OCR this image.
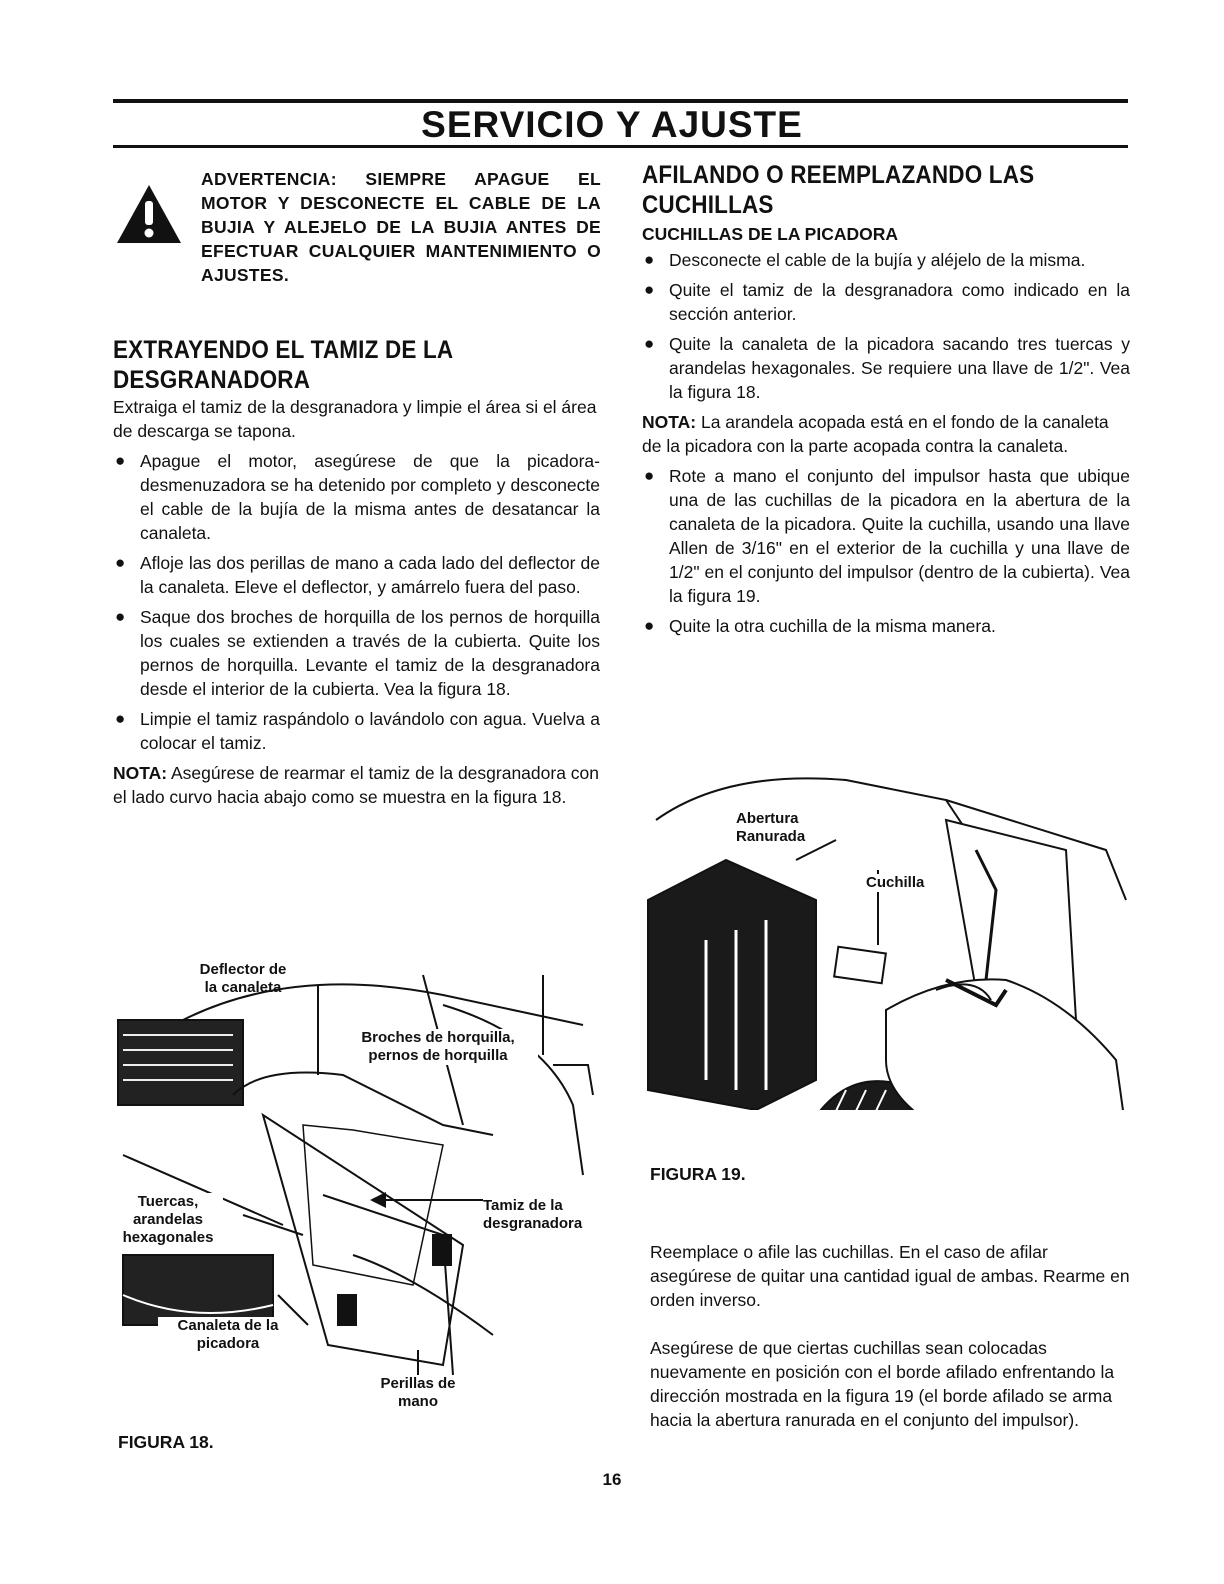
SERVICIO Y AJUSTE
ADVERTENCIA: SIEMPRE APAGUE EL MOTOR Y DESCONECTE EL CABLE DE LA BUJIA Y ALEJELO DE LA BUJIA ANTES DE EFECTUAR CUALQUIER MANTENIMIENTO O AJUSTES.
EXTRAYENDO EL TAMIZ DE LA
DESGRANADORA

Extraiga el tamiz de la desgranadora y limpie el área si el área de descarga se tapona.

● Apague el motor, asegúrese de que la picadora-desmenuzadora se ha detenido por completo y desconecte el cable de la bujía de la misma antes de desatancar la canaleta.
● Afloje las dos perillas de mano a cada lado del deflector de la canaleta. Eleve el deflector, y amárrelo fuera del paso.
● Saque dos broches de horquilla de los pernos de horquilla los cuales se extienden a través de la cubierta. Quite los pernos de horquilla. Levante el tamiz de la desgranadora desde el interior de la cubierta. Vea la figura 18.
● Limpie el tamiz raspándolo o lavándolo con agua. Vuelva a colocar el tamiz.

NOTA: Asegúrese de rearmar el tamiz de la desgranadora con el lado curvo hacia abajo como se muestra en la figura 18.

Deflector de
la canaleta
Broches de horquilla,
pernos de horquilla
Tuercas,
arandelas
hexagonales
Tamiz de la
desgranadora
Canaleta de la
picadora
Perillas de
mano
FIGURA 18.
AFILANDO O REEMPLAZANDO LAS
CUCHILLAS
CUCHILLAS DE LA PICADORA
● Desconecte el cable de la bujía y aléjelo de la misma.
● Quite el tamiz de la desgranadora como indicado en la sección anterior.
● Quite la canaleta de la picadora sacando tres tuercas y arandelas hexagonales. Se requiere una llave de 1/2". Vea la figura 18.

NOTA: La arandela acopada está en el fondo de la canaleta de la picadora con la parte acopada contra la canaleta.

● Rote a mano el conjunto del impulsor hasta que ubique una de las cuchillas de la picadora en la abertura de la canaleta de la picadora. Quite la cuchilla, usando una llave Allen de 3/16" en el exterior de la cuchilla y una llave de 1/2" en el conjunto del impulsor (dentro de la cubierta). Vea la figura 19.
● Quite la otra cuchilla de la misma manera.
Abertura
Ranurada
Cuchilla
FIGURA 19.

Reemplace o afile las cuchillas. En el caso de afilar asegúrese de quitar una cantidad igual de ambas. Rearme en orden inverso.

Asegúrese de que ciertas cuchillas sean colocadas nuevamente en posición con el borde afilado enfrentando la dirección mostrada en la figura 19 (el borde afilado se arma hacia la abertura ranurada en el conjunto del impulsor).

16
